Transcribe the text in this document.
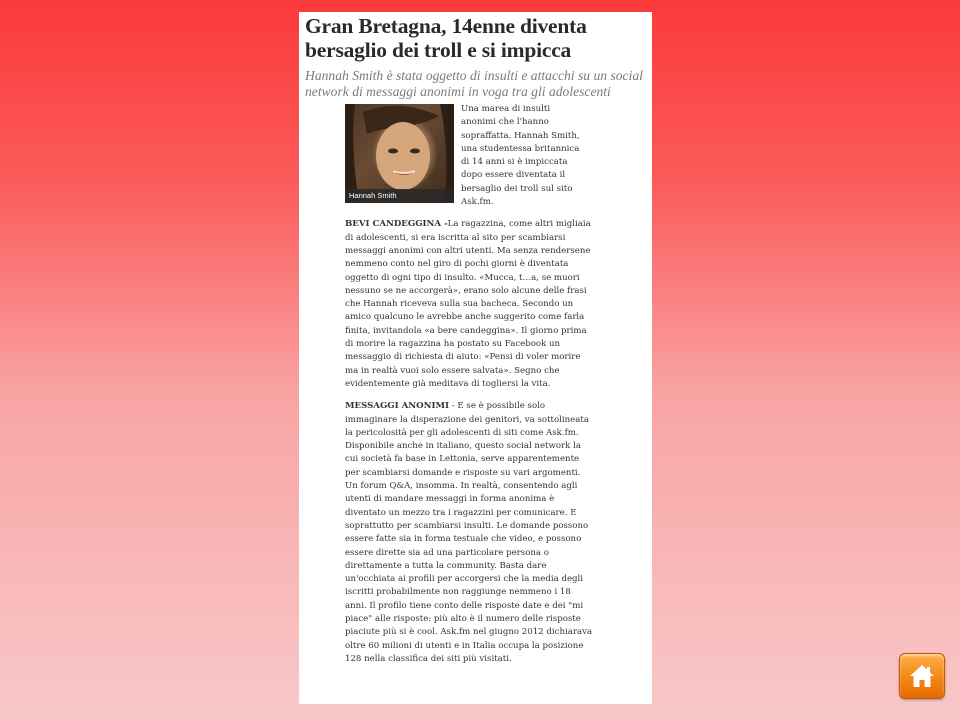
Gran Bretagna, 14enne diventa bersaglio dei troll e si impicca

Hannah Smith è stata oggetto di insulti e attacchi su un social network di messaggi anonimi in voga tra gli adolescenti

Hannah Smith
Una marea di insulti anonimi che l'hanno sopraffatta. Hannah Smith, una studentessa britannica di 14 anni si è impiccata dopo essere diventata il bersaglio dei troll sul sito Ask.fm.
BEVI CANDEGGINA -La ragazzina, come altri migliaia di adolescenti, si era iscritta al sito per scambiarsi messaggi anonimi con altri utenti. Ma senza rendersene nemmeno conto nel giro di pochi giorni è diventata oggetto di ogni tipo di insulto. «Mucca, t…a, se muori nessuno se ne accorgerà», erano solo alcune delle frasi che Hannah riceveva sulla sua bacheca. Secondo un amico qualcuno le avrebbe anche suggerito come farla finita, invitandola «a bere candeggina». Il giorno prima di morire la ragazzina ha postato su Facebook un messaggio di richiesta di aiuto: «Pensi di voler morire ma in realtà vuoi solo essere salvata». Segno che evidentemente già meditava di togliersi la vita.
MESSAGGI ANONIMI - E se è possibile solo immaginare la disperazione dei genitori, va sottolineata la pericolosità per gli adolescenti di siti come Ask.fm. Disponibile anche in italiano, questo social network la cui società fa base in Lettonia, serve apparentemente per scambiarsi domande e risposte su vari argomenti. Un forum Q&A, insomma. In realtà, consentendo agli utenti di mandare messaggi in forma anonima è diventato un mezzo tra i ragazzini per comunicare. E soprattutto per scambiarsi insulti. Le domande possono essere fatte sia in forma testuale che video, e possono essere dirette sia ad una particolare persona o direttamente a tutta la community. Basta dare un'occhiata ai profili per accorgersi che la media degli iscritti probabilmente non raggiunge nemmeno i 18 anni. Il profilo tiene conto delle risposte date e dei "mi piace" alle risposte: più alto è il numero delle risposte piaciute più si è cool. Ask.fm nel giugno 2012 dichiarava oltre 60 milioni di utenti e in Italia occupa la posizione 128 nella classifica dei siti più visitati.
